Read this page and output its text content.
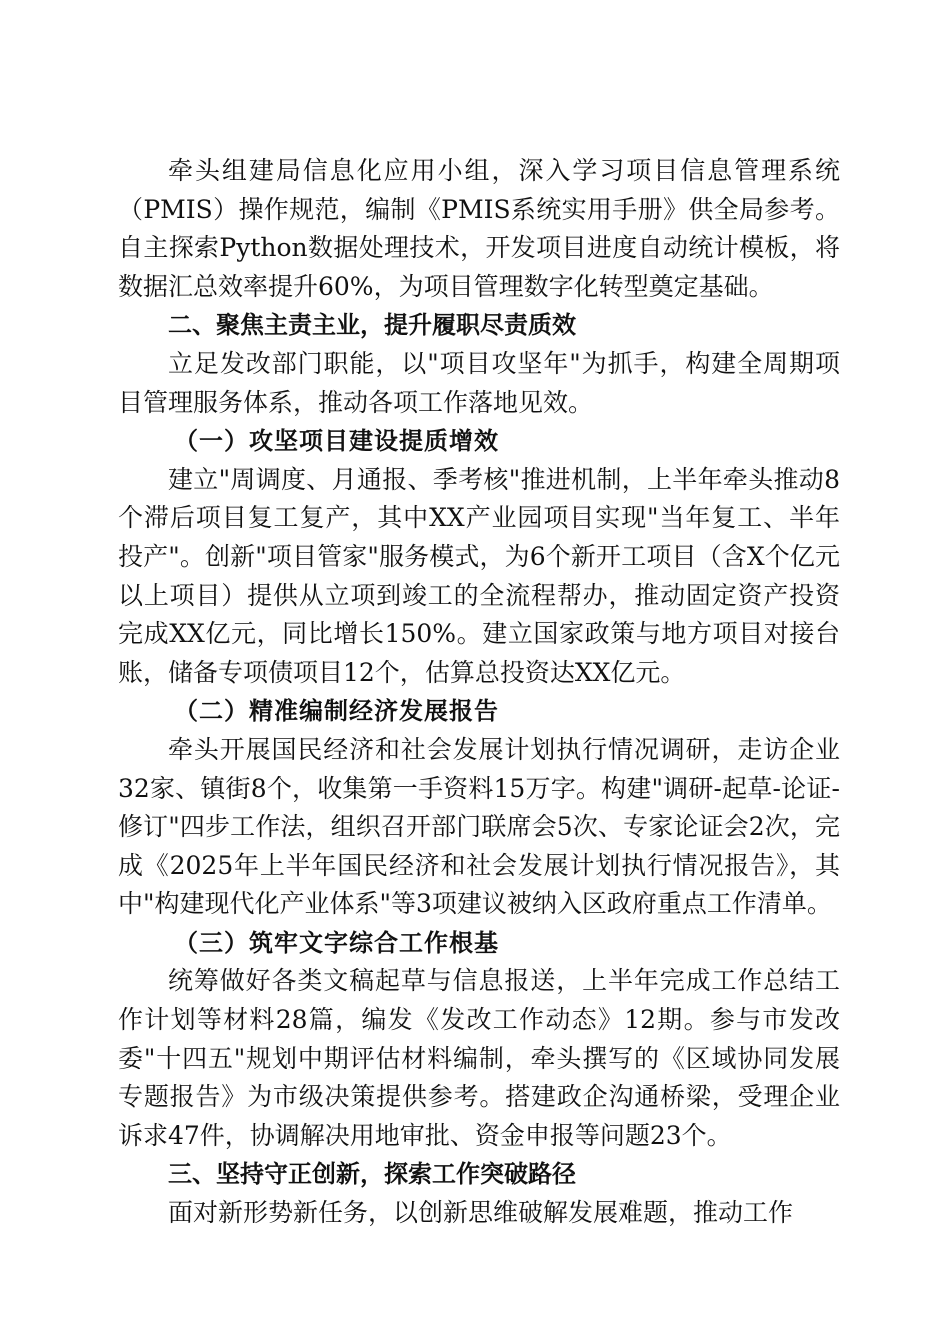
牵头组建局信息化应用小组，深入学习项目信息管理系统（PMIS）操作规范，编制《PMIS系统实用手册》供全局参考。自主探索Python数据处理技术，开发项目进度自动统计模板，将数据汇总效率提升60%，为项目管理数字化转型奠定基础。

二、聚焦主责主业，提升履职尽责质效

立足发改部门职能，以"项目攻坚年"为抓手，构建全周期项目管理服务体系，推动各项工作落地见效。

（一）攻坚项目建设提质增效

建立"周调度、月通报、季考核"推进机制，上半年牵头推动8个滞后项目复工复产，其中XX产业园项目实现"当年复工、半年投产"。创新"项目管家"服务模式，为6个新开工项目（含X个亿元以上项目）提供从立项到竣工的全流程帮办，推动固定资产投资完成XX亿元，同比增长150%。建立国家政策与地方项目对接台账，储备专项债项目12个，估算总投资达XX亿元。

（二）精准编制经济发展报告

牵头开展国民经济和社会发展计划执行情况调研，走访企业32家、镇街8个，收集第一手资料15万字。构建"调研-起草-论证-修订"四步工作法，组织召开部门联席会5次、专家论证会2次，完成《2025年上半年国民经济和社会发展计划执行情况报告》，其中"构建现代化产业体系"等3项建议被纳入区政府重点工作清单。

（三）筑牢文字综合工作根基

统筹做好各类文稿起草与信息报送，上半年完成工作总结工作计划等材料28篇，编发《发改工作动态》12期。参与市发改委"十四五"规划中期评估材料编制，牵头撰写的《区域协同发展专题报告》为市级决策提供参考。搭建政企沟通桥梁，受理企业诉求47件，协调解决用地审批、资金申报等问题23个。

三、坚持守正创新，探索工作突破路径

面对新形势新任务，以创新思维破解发展难题，推动工作
